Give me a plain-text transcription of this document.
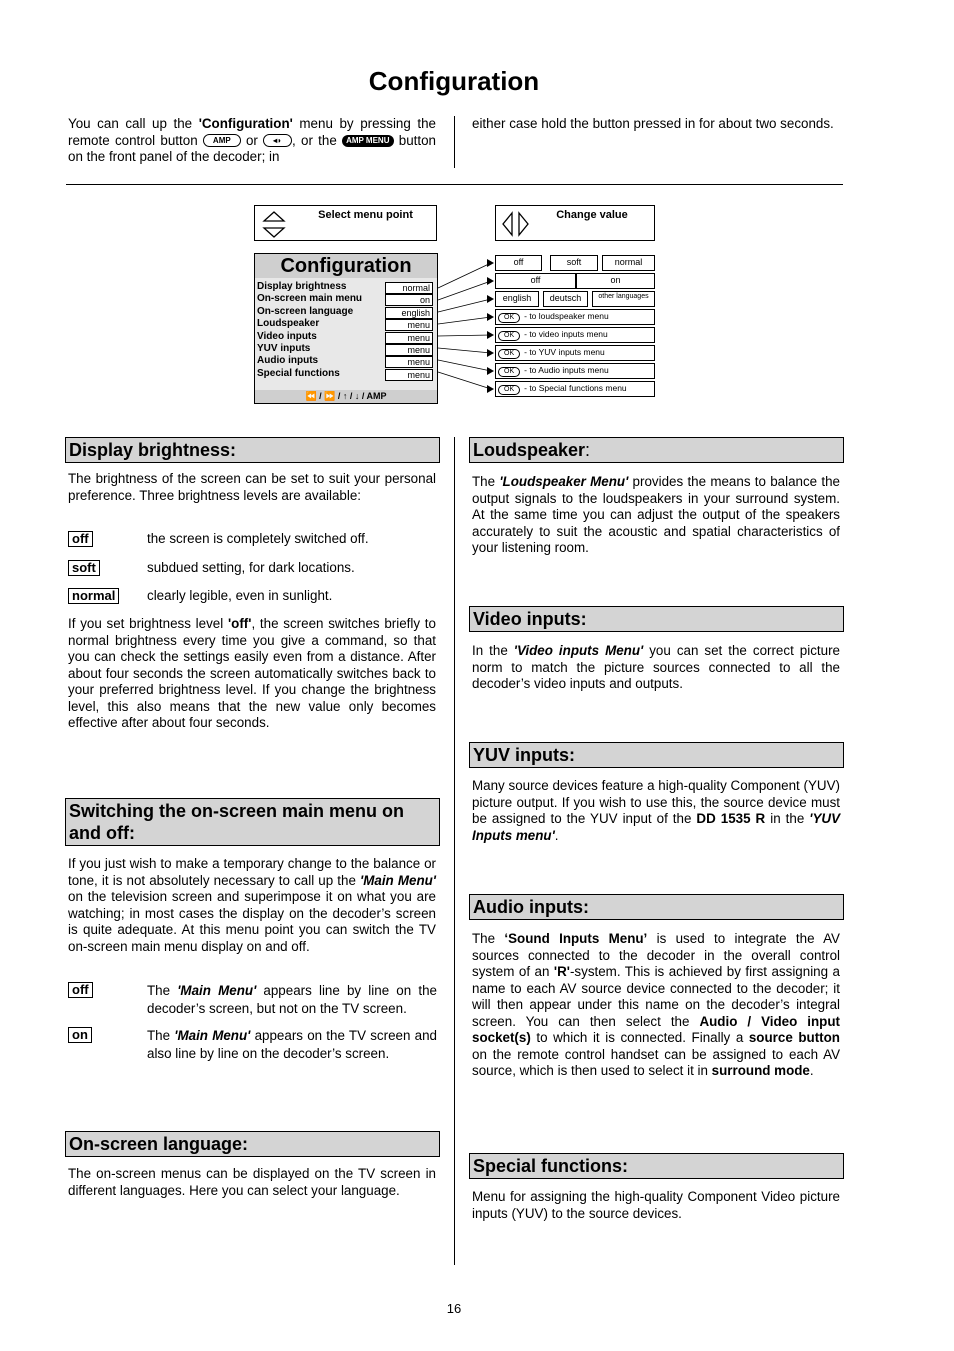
Configuration
You can call up the 'Configuration' menu by pressing the remote control button AMP or ◂◗ , or the AMP MENU button on the front panel of the decoder; in
either case hold the button pressed in for about two seconds.
Select menu point	Change value
Configuration
Display brightness	normal
On-screen main menu	on
On-screen language	english
Loudspeaker	menu
Video inputs	menu
YUV inputs	menu
Audio inputs	menu
Special functions	menu
⏪ / ⏩ / ↑ / ↓ / AMP
off	soft	normal
off	on
english	deutsch	other languages
OK - to loudspeaker menu
OK - to video inputs menu
OK - to YUV inputs menu
OK - to Audio inputs menu
OK - to Special functions menu
Display brightness:
The brightness of the screen can be set to suit your personal preference. Three brightness levels are available:
off	the screen is completely switched off.
soft	subdued setting, for dark locations.
normal clearly legible, even in sunlight.
If you set brightness level 'off', the screen switches briefly to normal brightness every time you give a command, so that you can check the settings easily even from a distance. After about four seconds the screen automatically switches back to your preferred brightness level. If you change the brightness level, this also means that the new value only becomes effective after about four seconds.
Switching the on-screen main menu on and off:
If you just wish to make a temporary change to the balance or tone, it is not absolutely necessary to call up the 'Main Menu' on the television screen and superimpose it on what you are watching; in most cases the display on the decoder’s screen is quite adequate. At this menu point you can switch the TV on-screen main menu display on and off.
off	The 'Main Menu' appears line by line on the decoder’s screen, but not on the TV screen.
on	The 'Main Menu' appears on the TV screen and also line by line on the decoder’s screen.
On-screen language:
The on-screen menus can be displayed on the TV screen in different languages. Here you can select your language.
Loudspeaker:
The 'Loudspeaker Menu' provides the means to balance the output signals to the loudspeakers in your surround system. At the same time you can adjust the output of the speakers accurately to suit the acoustic and spatial characteristics of your listening room.
Video inputs:
In the 'Video inputs Menu' you can set the correct picture norm to match the picture sources connected to all the decoder’s video inputs and outputs.
YUV inputs:
Many source devices feature a high-quality Component (YUV) picture output. If you wish to use this, the source device must be assigned to the YUV input of the DD 1535 R in the 'YUV Inputs menu'.
Audio inputs:
The ‘Sound Inputs Menu’ is used to integrate the AV sources connected to the decoder in the overall control system of an 'R'-system. This is achieved by first assigning a name to each AV source device connected to the decoder; it will then appear under this name on the decoder’s integral screen. You can then select the Audio / Video input socket(s) to which it is connected. Finally a source button on the remote control handset can be assigned to each AV source, which is then used to select it in surround mode.
Special functions:
Menu for assigning the high-quality Component Video picture inputs (YUV) to the source devices.
16
